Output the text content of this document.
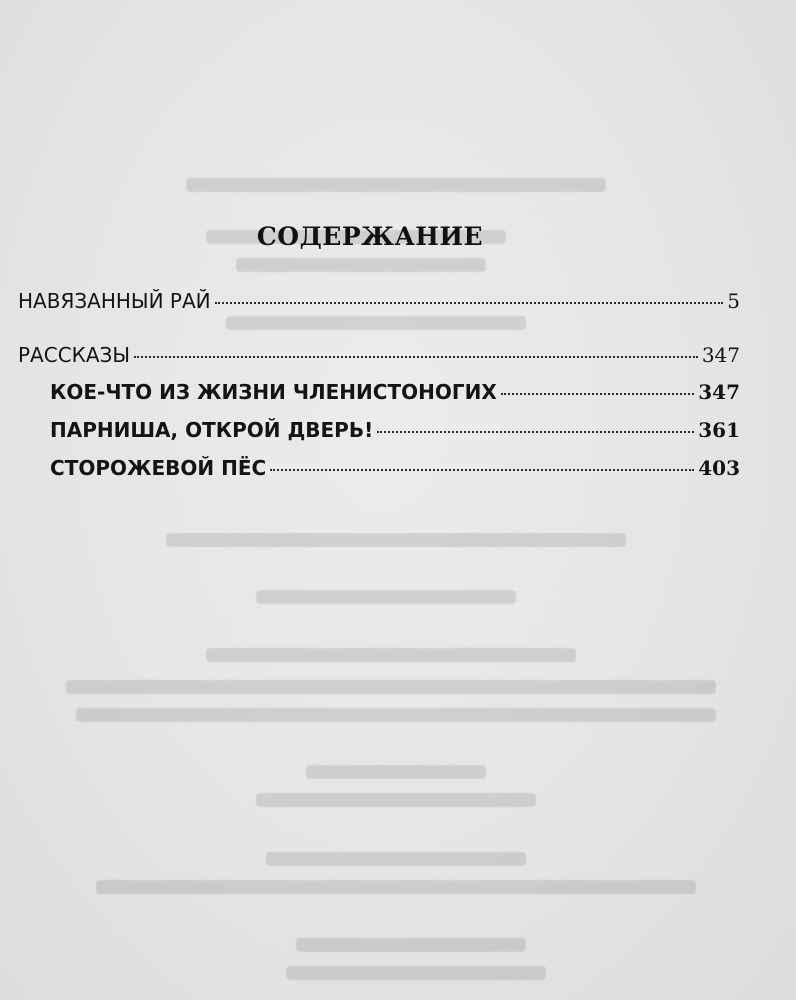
СОДЕРЖАНИЕ
НАВЯЗАННЫЙ РАЙ	5
РАССКАЗЫ	347
КОЕ-ЧТО ИЗ ЖИЗНИ ЧЛЕНИСТОНОГИХ	347
ПАРНИША, ОТКРОЙ ДВЕРЬ!	361
СТОРОЖЕВОЙ ПЁС	403
